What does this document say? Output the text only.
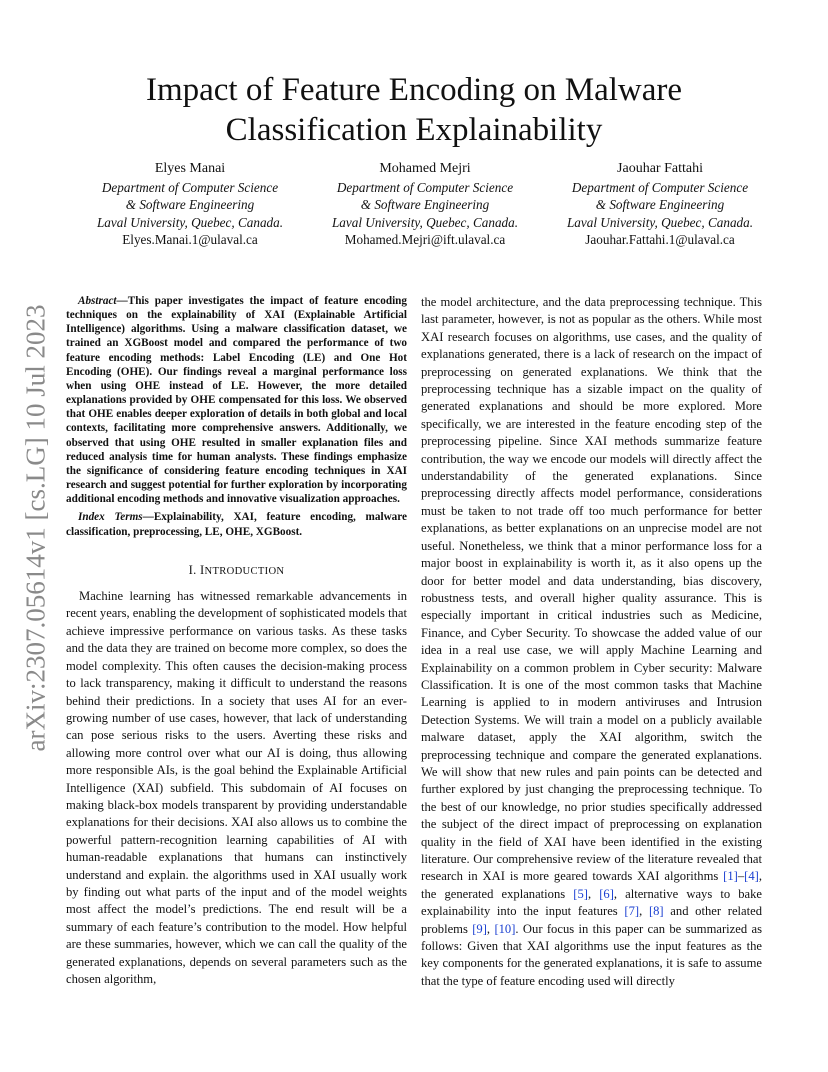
Impact of Feature Encoding on Malware
Classification Explainability
Elyes Manai
Department of Computer Science
& Software Engineering
Laval University, Quebec, Canada.
Elyes.Manai.1@ulaval.ca
Mohamed Mejri
Department of Computer Science
& Software Engineering
Laval University, Quebec, Canada.
Mohamed.Mejri@ift.ulaval.ca
Jaouhar Fattahi
Department of Computer Science
& Software Engineering
Laval University, Quebec, Canada.
Jaouhar.Fattahi.1@ulaval.ca
arXiv:2307.05614v1 [cs.LG] 10 Jul 2023

Abstract—This paper investigates the impact of feature encoding techniques on the explainability of XAI (Explainable Artificial Intelligence) algorithms. Using a malware classification dataset, we trained an XGBoost model and compared the performance of two feature encoding methods: Label Encoding (LE) and One Hot Encoding (OHE). Our findings reveal a marginal performance loss when using OHE instead of LE. However, the more detailed explanations provided by OHE compensated for this loss. We observed that OHE enables deeper exploration of details in both global and local contexts, facilitating more comprehensive answers. Additionally, we observed that using OHE resulted in smaller explanation files and reduced analysis time for human analysts. These findings emphasize the significance of considering feature encoding techniques in XAI research and suggest potential for further exploration by incorporating additional encoding methods and innovative visualization approaches.

Index Terms—Explainability, XAI, feature encoding, malware classification, preprocessing, LE, OHE, XGBoost.

I. INTRODUCTION

Machine learning has witnessed remarkable advancements in recent years, enabling the development of sophisticated models that achieve impressive performance on various tasks. As these tasks and the data they are trained on become more complex, so does the model complexity. This often causes the decision-making process to lack transparency, making it difficult to understand the reasons behind their predictions. In a society that uses AI for an ever-growing number of use cases, however, that lack of understanding can pose serious risks to the users. Averting these risks and allowing more control over what our AI is doing, thus allowing more responsible AIs, is the goal behind the Explainable Artificial Intelligence (XAI) subfield. This subdomain of AI focuses on making black-box models transparent by providing understandable explanations for their decisions. XAI also allows us to combine the powerful pattern-recognition learning capabilities of AI with human-readable explanations that humans can instinctively understand and explain. the algorithms used in XAI usually work by finding out what parts of the input and of the model weights most affect the model’s predictions. The end result will be a summary of each feature’s contribution to the model. How helpful are these summaries, however, which we can call the quality of the generated explanations, depends on several parameters such as the chosen algorithm,

the model architecture, and the data preprocessing technique. This last parameter, however, is not as popular as the others. While most XAI research focuses on algorithms, use cases, and the quality of explanations generated, there is a lack of research on the impact of preprocessing on generated explanations. We think that the preprocessing technique has a sizable impact on the quality of generated explanations and should be more explored. More specifically, we are interested in the feature encoding step of the preprocessing pipeline. Since XAI methods summarize feature contribution, the way we encode our models will directly affect the understandability of the generated explanations. Since preprocessing directly affects model performance, considerations must be taken to not trade off too much performance for better explanations, as better explanations on an unprecise model are not useful. Nonetheless, we think that a minor performance loss for a major boost in explainability is worth it, as it also opens up the door for better model and data understanding, bias discovery, robustness tests, and overall higher quality assurance. This is especially important in critical industries such as Medicine, Finance, and Cyber Security. To showcase the added value of our idea in a real use case, we will apply Machine Learning and Explainability on a common problem in Cyber security: Malware Classification. It is one of the most common tasks that Machine Learning is applied to in modern antiviruses and Intrusion Detection Systems. We will train a model on a publicly available malware dataset, apply the XAI algorithm, switch the preprocessing technique and compare the generated explanations. We will show that new rules and pain points can be detected and further explored by just changing the preprocessing technique. To the best of our knowledge, no prior studies specifically addressed the subject of the direct impact of preprocessing on explanation quality in the field of XAI have been identified in the existing literature. Our comprehensive review of the literature revealed that research in XAI is more geared towards XAI algorithms [1]–[4], the generated explanations [5], [6], alternative ways to bake explainability into the input features [7], [8] and other related problems [9], [10]. Our focus in this paper can be summarized as follows: Given that XAI algorithms use the input features as the key components for the generated explanations, it is safe to assume that the type of feature encoding used will directly
